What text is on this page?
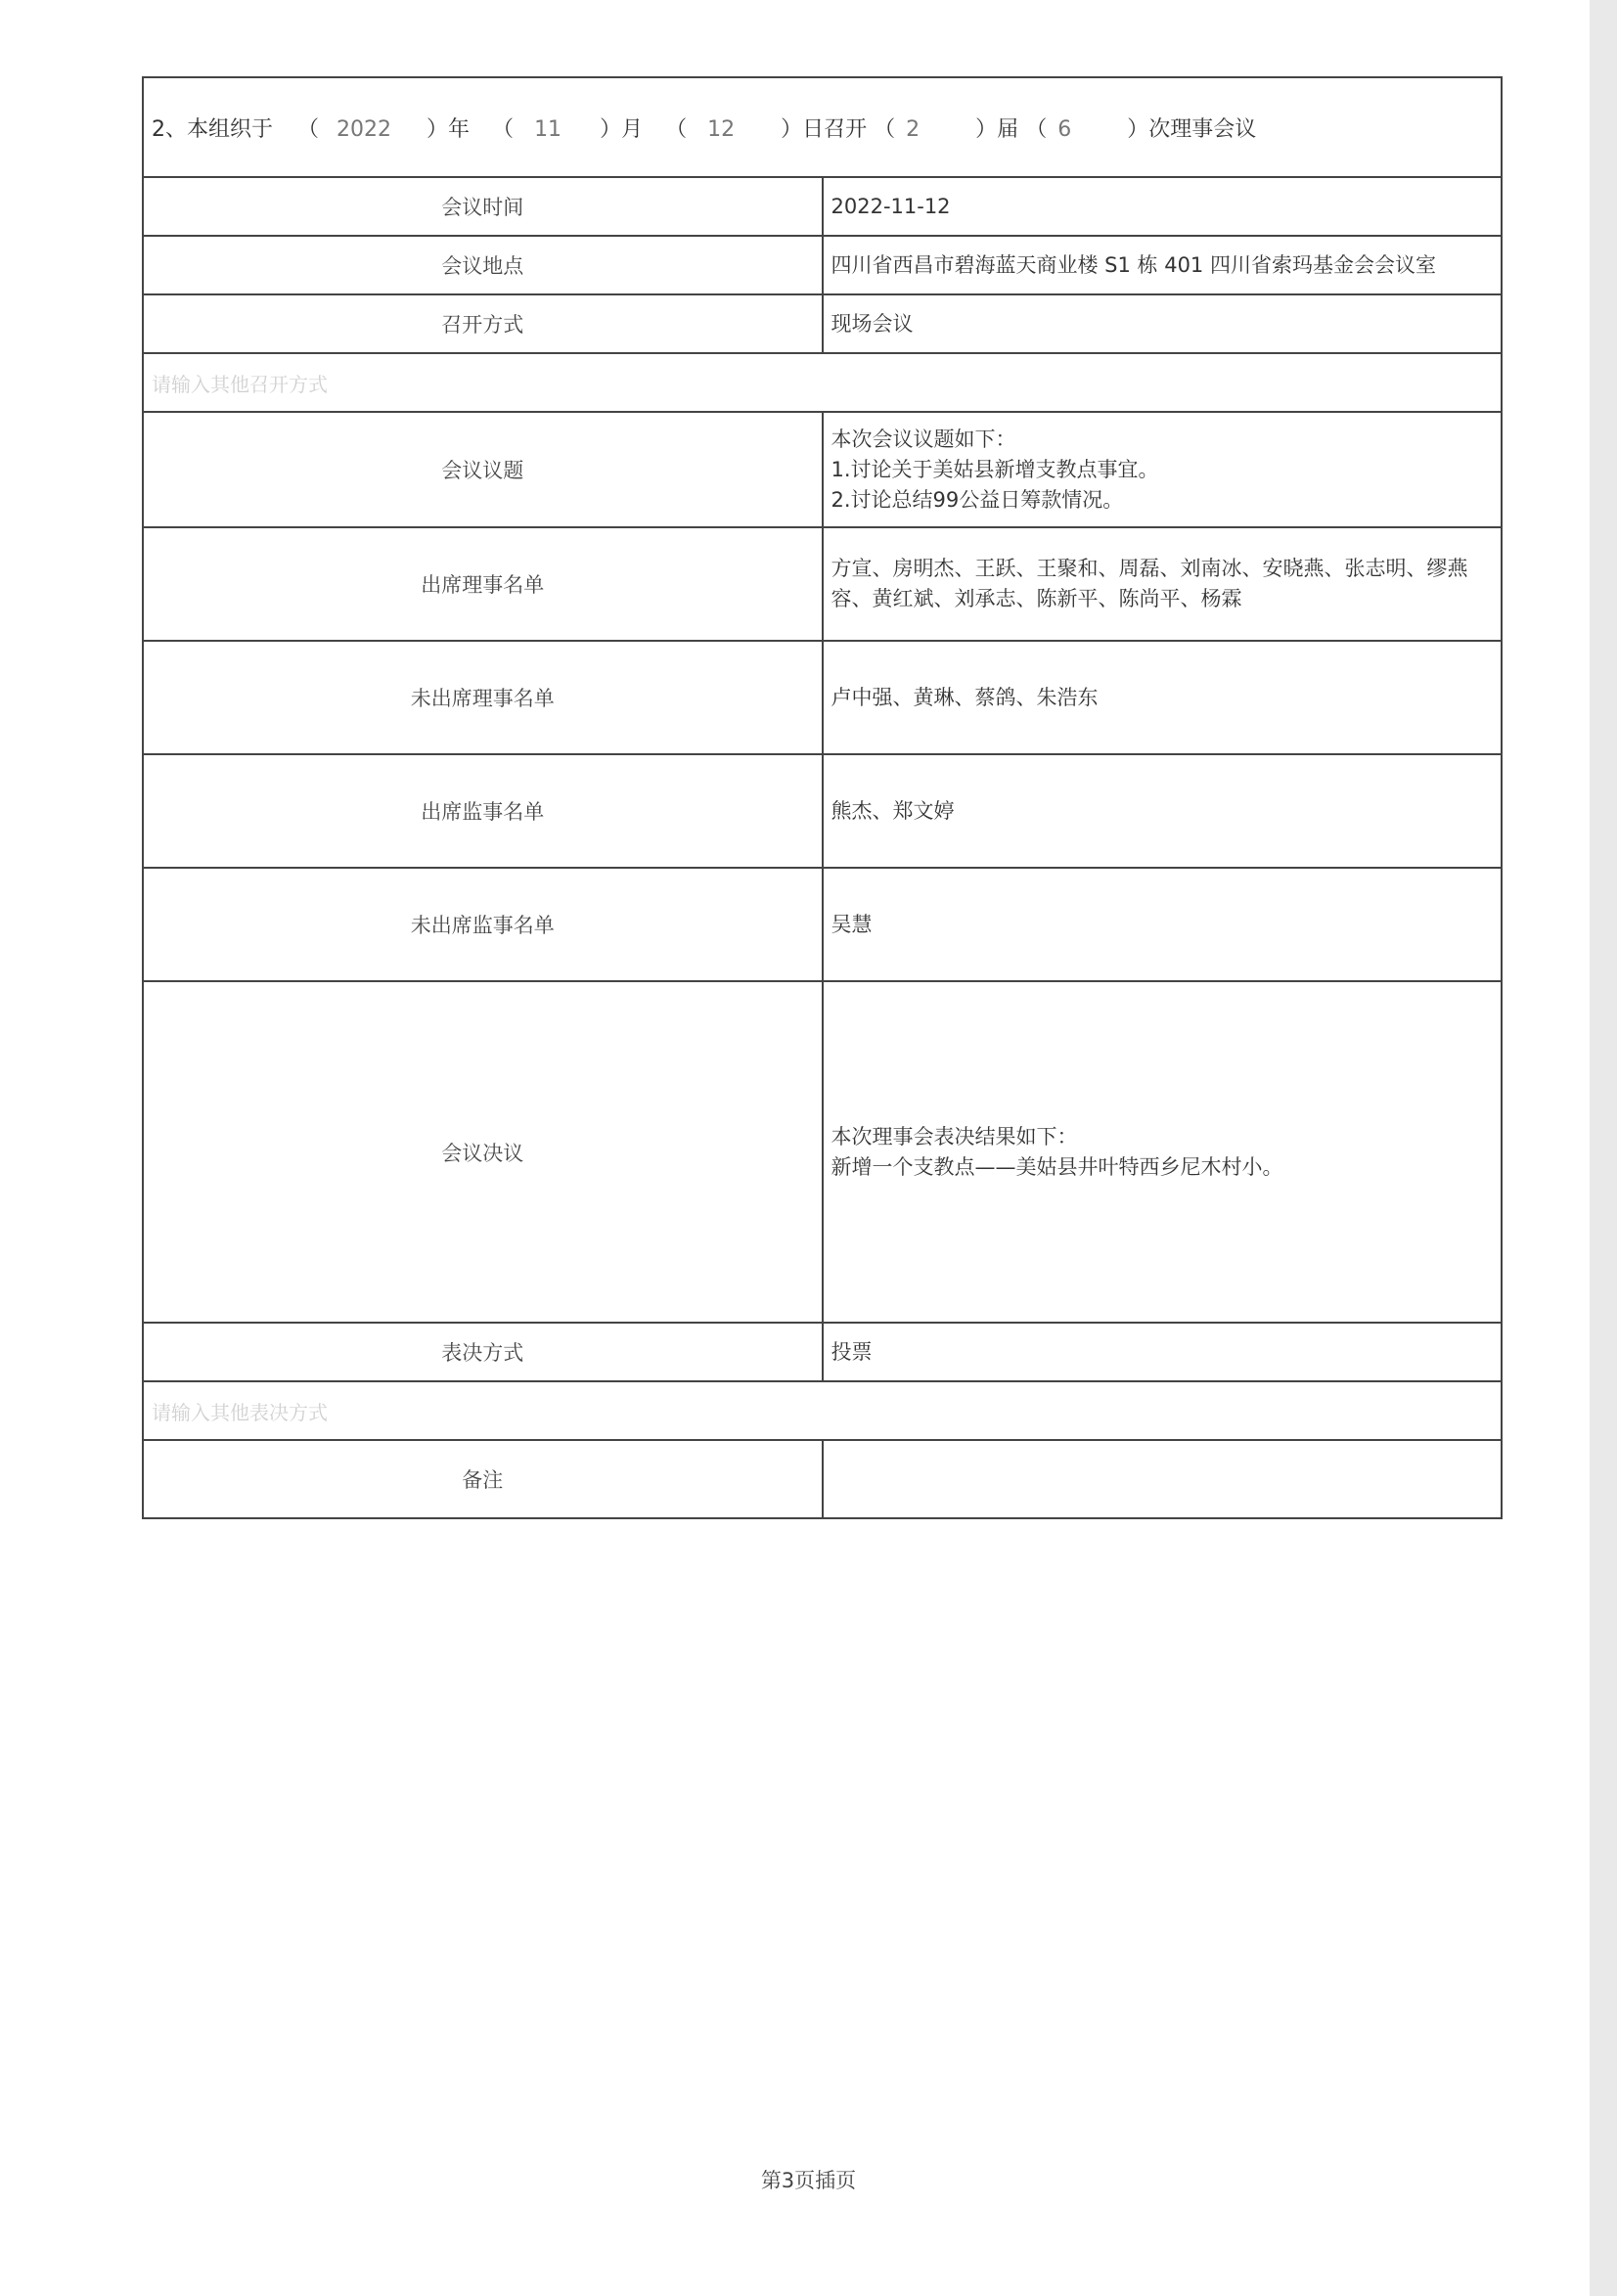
2、本组织于 （ 2022 ）年 （ 11 ）月 （ 12 ）日召开 （ 2 ）届 （ 6 ）次理事会议	
会议时间	2022-11-12
会议地点	四川省西昌市碧海蓝天商业楼 S1 栋 401 四川省索玛基金会会议室
召开方式	现场会议
请输入其他召开方式	
会议议题	本次会议议题如下：
1.讨论关于美姑县新增支教点事宜。
2.讨论总结99公益日筹款情况。

出席理事名单	方宣、房明杰、王跃、王聚和、周磊、刘南冰、安晓燕、张志明、缪燕容、黄红斌、刘承志、陈新平、陈尚平、杨霖
未出席理事名单	卢中强、黄琳、蔡鸽、朱浩东
出席监事名单	熊杰、郑文婷
未出席监事名单	吴慧
会议决议	本次理事会表决结果如下：
新增一个支教点——美姑县井叶特西乡尼木村小。

表决方式	投票
请输入其他表决方式	
备注	
第3页插页
